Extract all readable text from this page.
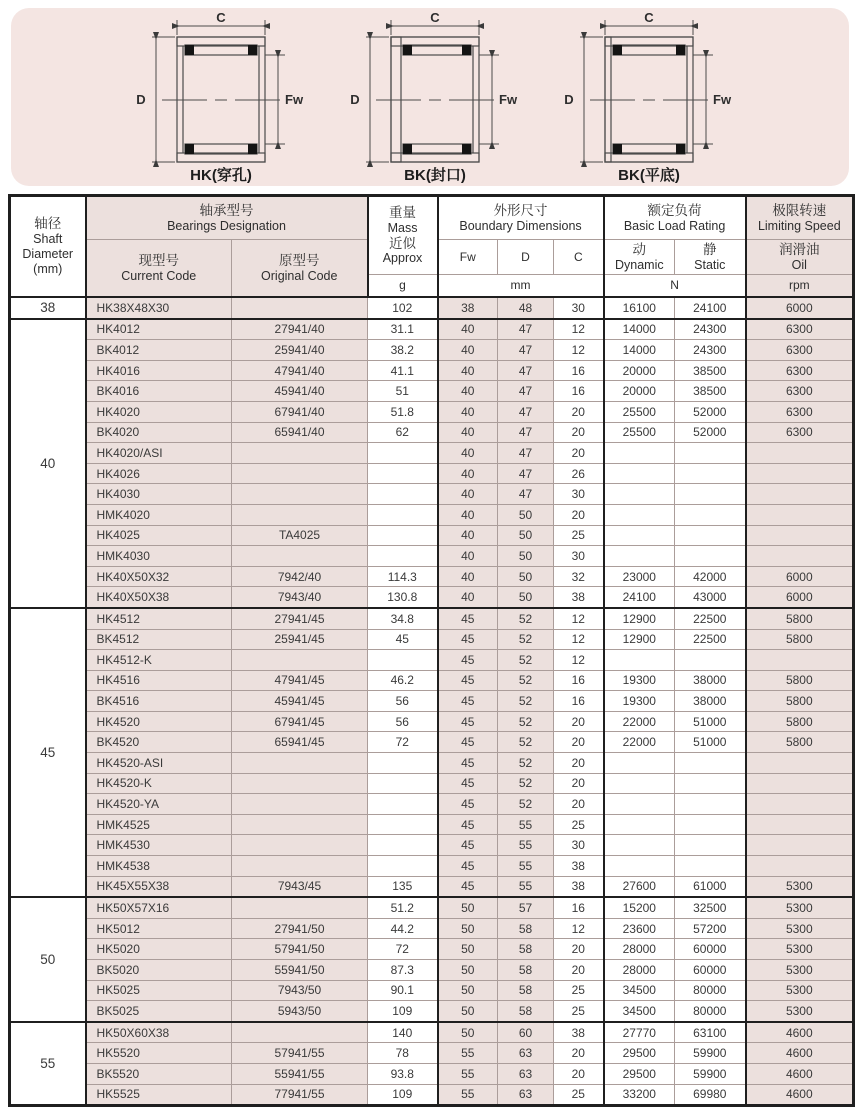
C
D	Fw
HK(穿孔)
C
D	Fw
BK(封口)
C
D	Fw
BK(平底)
轴径
Shaft
Diameter
(mm)	轴承型号
Bearings Designation		重量
Mass
近似
Approx	外形尺寸
Boundary Dimensions			额定负荷
Basic Load Rating		极限转速
Limiting Speed

	现型号
Current Code	原型号
Original Code		Fw	D	C	动
Dynamic	静
Static	润滑油
Oil

			g	mm			N		rpm
38	HK38X48X30		102	38	48	30	16100	24100	6000
40	HK4012	27941/40	31.1	40	47	12	14000	24300	6300
	BK4012	25941/40	38.2	40	47	12	14000	24300	6300
	HK4016	47941/40	41.1	40	47	16	20000	38500	6300
	BK4016	45941/40	51	40	47	16	20000	38500	6300
	HK4020	67941/40	51.8	40	47	20	25500	52000	6300
	BK4020	65941/40	62	40	47	20	25500	52000	6300
	HK4020/ASI			40	47	20			
	HK4026			40	47	26			
	HK4030			40	47	30			
	HMK4020			40	50	20			
	HK4025	TA4025		40	50	25			
	HMK4030			40	50	30			
	HK40X50X32	7942/40	114.3	40	50	32	23000	42000	6000
	HK40X50X38	7943/40	130.8	40	50	38	24100	43000	6000
45	HK4512	27941/45	34.8	45	52	12	12900	22500	5800
	BK4512	25941/45	45	45	52	12	12900	22500	5800
	HK4512-K			45	52	12			
	HK4516	47941/45	46.2	45	52	16	19300	38000	5800
	BK4516	45941/45	56	45	52	16	19300	38000	5800
	HK4520	67941/45	56	45	52	20	22000	51000	5800
	BK4520	65941/45	72	45	52	20	22000	51000	5800
	HK4520-ASI			45	52	20			
	HK4520-K			45	52	20			
	HK4520-YA			45	52	20			
	HMK4525			45	55	25			
	HMK4530			45	55	30			
	HMK4538			45	55	38			
	HK45X55X38	7943/45	135	45	55	38	27600	61000	5300
50	HK50X57X16		51.2	50	57	16	15200	32500	5300
	HK5012	27941/50	44.2	50	58	12	23600	57200	5300
	HK5020	57941/50	72	50	58	20	28000	60000	5300
	BK5020	55941/50	87.3	50	58	20	28000	60000	5300
	HK5025	7943/50	90.1	50	58	25	34500	80000	5300
	BK5025	5943/50	109	50	58	25	34500	80000	5300
55	HK50X60X38		140	50	60	38	27770	63100	4600
	HK5520	57941/55	78	55	63	20	29500	59900	4600
	BK5520	55941/55	93.8	55	63	20	29500	59900	4600
	HK5525	77941/55	109	55	63	25	33200	69980	4600
